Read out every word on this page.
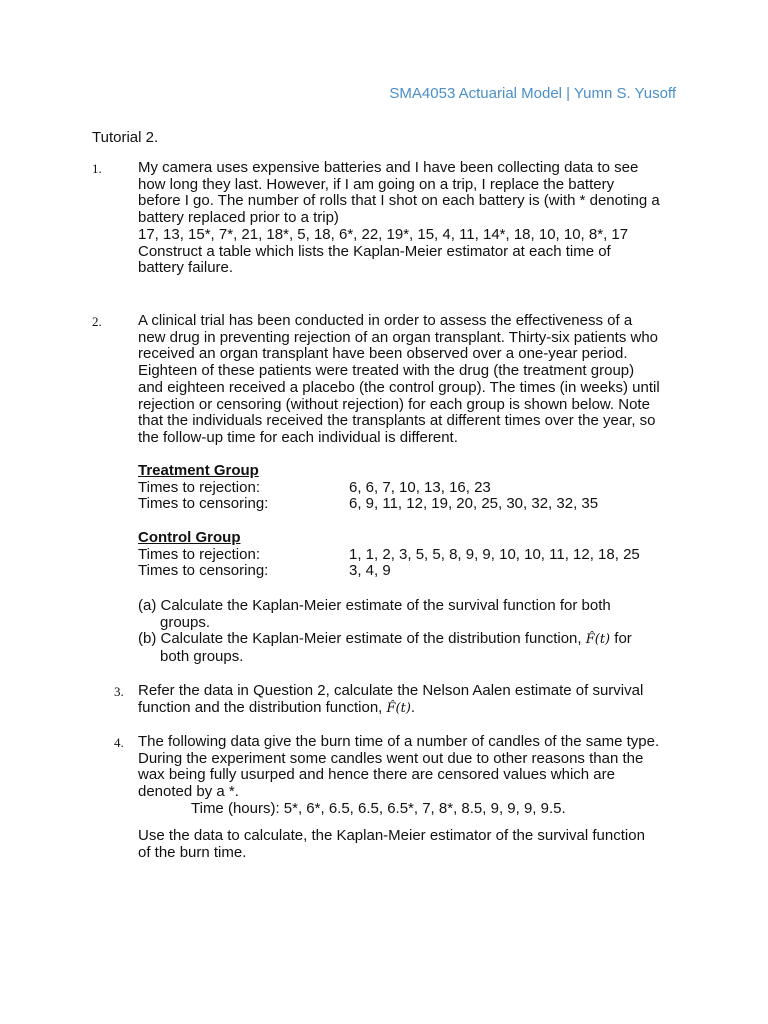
SMA4053 Actuarial Model | Yumn S. Yusoff
Tutorial 2.
1. My camera uses expensive batteries and I have been collecting data to see
how long they last. However, if I am going on a trip, I replace the battery
before I go. The number of rolls that I shot on each battery is (with * denoting a
battery replaced prior to a trip)
17, 13, 15*, 7*, 21, 18*, 5, 18, 6*, 22, 19*, 15, 4, 11, 14*, 18, 10, 10, 8*, 17
Construct a table which lists the Kaplan-Meier estimator at each time of
battery failure.
2. A clinical trial has been conducted in order to assess the effectiveness of a
new drug in preventing rejection of an organ transplant. Thirty-six patients who
received an organ transplant have been observed over a one-year period.
Eighteen of these patients were treated with the drug (the treatment group)
and eighteen received a placebo (the control group). The times (in weeks) until
rejection or censoring (without rejection) for each group is shown below. Note
that the individuals received the transplants at different times over the year, so
the follow-up time for each individual is different.
Treatment Group
Times to rejection:	6, 6, 7, 10, 13, 16, 23
Times to censoring:	6, 9, 11, 12, 19, 20, 25, 30, 32, 32, 35
Control Group
Times to rejection:	1, 1, 2, 3, 5, 5, 8, 9, 9, 10, 10, 11, 12, 18, 25
Times to censoring:	3, 4, 9
(a) Calculate the Kaplan-Meier estimate of the survival function for both
groups.
(b) Calculate the Kaplan-Meier estimate of the distribution function, F̂(t) for
both groups.
3. Refer the data in Question 2, calculate the Nelson Aalen estimate of survival
function and the distribution function, F̂(t).
4. The following data give the burn time of a number of candles of the same type.
During the experiment some candles went out due to other reasons than the
wax being fully usurped and hence there are censored values which are
denoted by a *.
Time (hours): 5*, 6*, 6.5, 6.5, 6.5*, 7, 8*, 8.5, 9, 9, 9, 9.5.
Use the data to calculate, the Kaplan-Meier estimator of the survival function
of the burn time.
